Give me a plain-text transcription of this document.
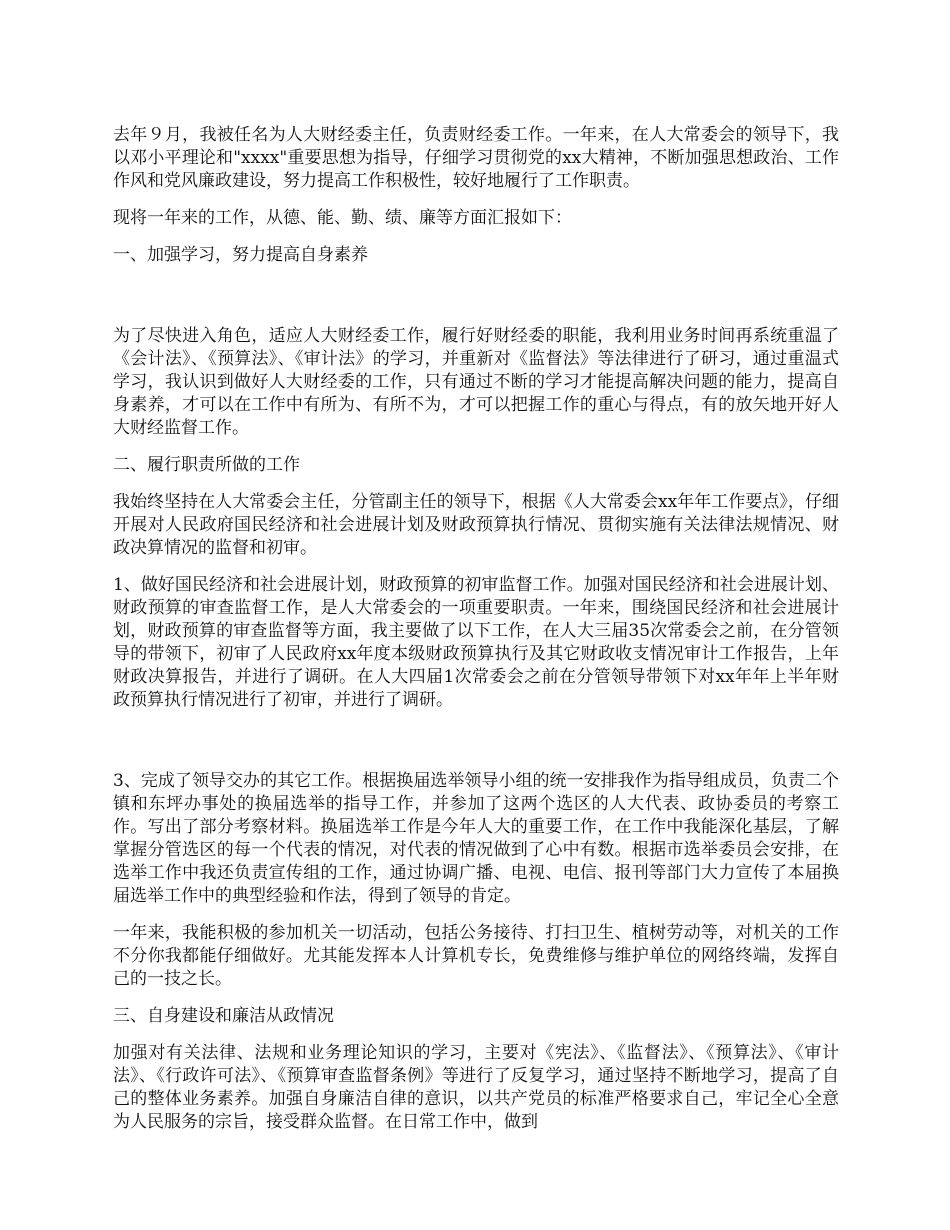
去年９月，我被任名为人大财经委主任，负责财经委工作。一年来，在人大常委会的领导下，我以邓小平理论和"xxxx"重要思想为指导，仔细学习贯彻党的xx大精神，不断加强思想政治、工作作风和党风廉政建设，努力提高工作积极性，较好地履行了工作职责。

现将一年来的工作，从德、能、勤、绩、廉等方面汇报如下：

一、加强学习，努力提高自身素养

为了尽快进入角色，适应人大财经委工作，履行好财经委的职能，我利用业务时间再系统重温了《会计法》、《预算法》、《审计法》的学习，并重新对《监督法》等法律进行了研习，通过重温式学习，我认识到做好人大财经委的工作，只有通过不断的学习才能提高解决问题的能力，提高自身素养，才可以在工作中有所为、有所不为，才可以把握工作的重心与得点，有的放矢地开好人大财经监督工作。

二、履行职责所做的工作

我始终坚持在人大常委会主任，分管副主任的领导下，根据《人大常委会xx年年工作要点》，仔细开展对人民政府国民经济和社会进展计划及财政预算执行情况、贯彻实施有关法律法规情况、财政决算情况的监督和初审。

1、做好国民经济和社会进展计划，财政预算的初审监督工作。加强对国民经济和社会进展计划、财政预算的审查监督工作，是人大常委会的一项重要职责。一年来，围绕国民经济和社会进展计划，财政预算的审查监督等方面，我主要做了以下工作，在人大三届35次常委会之前，在分管领导的带领下，初审了人民政府xx年度本级财政预算执行及其它财政收支情况审计工作报告，上年财政决算报告，并进行了调研。在人大四届1次常委会之前在分管领导带领下对xx年年上半年财政预算执行情况进行了初审，并进行了调研。

3、完成了领导交办的其它工作。根据换届选举领导小组的统一安排我作为指导组成员，负责二个镇和东坪办事处的换届选举的指导工作，并参加了这两个选区的人大代表、政协委员的考察工作。写出了部分考察材料。换届选举工作是今年人大的重要工作，在工作中我能深化基层，了解掌握分管选区的每一个代表的情况，对代表的情况做到了心中有数。根据市选举委员会安排，在选举工作中我还负责宣传组的工作，通过协调广播、电视、电信、报刊等部门大力宣传了本届换届选举工作中的典型经验和作法，得到了领导的肯定。

一年来，我能积极的参加机关一切活动，包括公务接待、打扫卫生、植树劳动等，对机关的工作不分你我都能仔细做好。尤其能发挥本人计算机专长，免费维修与维护单位的网络终端，发挥自己的一技之长。

三、自身建设和廉洁从政情况

加强对有关法律、法规和业务理论知识的学习，主要对《宪法》、《监督法》、《预算法》、《审计法》、《行政许可法》、《预算审查监督条例》等进行了反复学习，通过坚持不断地学习，提高了自己的整体业务素养。加强自身廉洁自律的意识，以共产党员的标准严格要求自己，牢记全心全意为人民服务的宗旨，接受群众监督。在日常工作中，做到
